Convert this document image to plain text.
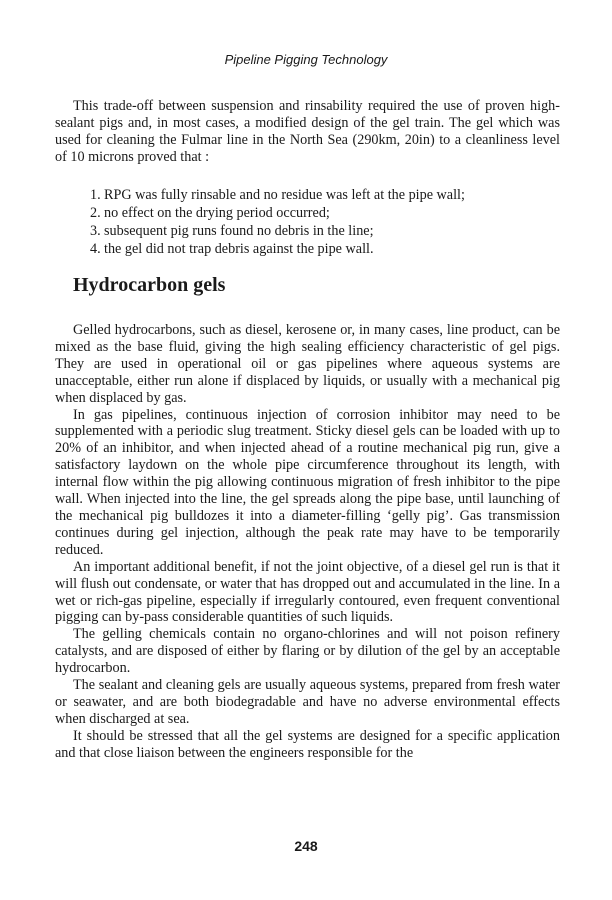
Pipeline Pigging Technology

This trade-off between suspension and rinsability required the use of proven high-sealant pigs and, in most cases, a modified design of the gel train. The gel which was used for cleaning the Fulmar line in the North Sea (290km, 20in) to a cleanliness level of 10 microns proved that :

1. RPG was fully rinsable and no residue was left at the pipe wall;
2. no effect on the drying period occurred;
3. subsequent pig runs found no debris in the line;
4. the gel did not trap debris against the pipe wall.
Hydrocarbon gels

Gelled hydrocarbons, such as diesel, kerosene or, in many cases, line product, can be mixed as the base fluid, giving the high sealing efficiency characteristic of gel pigs. They are used in operational oil or gas pipelines where aqueous systems are unacceptable, either run alone if displaced by liquids, or usually with a mechanical pig when displaced by gas.

In gas pipelines, continuous injection of corrosion inhibitor may need to be supplemented with a periodic slug treatment. Sticky diesel gels can be loaded with up to 20% of an inhibitor, and when injected ahead of a routine mechanical pig run, give a satisfactory laydown on the whole pipe circumference throughout its length, with internal flow within the pig allowing continuous migration of fresh inhibitor to the pipe wall. When injected into the line, the gel spreads along the pipe base, until launching of the mechanical pig bulldozes it into a diameter-filling ‘gelly pig’. Gas transmission continues during gel injection, although the peak rate may have to be temporarily reduced.

An important additional benefit, if not the joint objective, of a diesel gel run is that it will flush out condensate, or water that has dropped out and accumulated in the line. In a wet or rich-gas pipeline, especially if irregularly contoured, even frequent conventional pigging can by-pass considerable quantities of such liquids.

The gelling chemicals contain no organo-chlorines and will not poison refinery catalysts, and are disposed of either by flaring or by dilution of the gel by an acceptable hydrocarbon.

The sealant and cleaning gels are usually aqueous systems, prepared from fresh water or seawater, and are both biodegradable and have no adverse environmental effects when discharged at sea.

It should be stressed that all the gel systems are designed for a specific application and that close liaison between the engineers responsible for the

248
